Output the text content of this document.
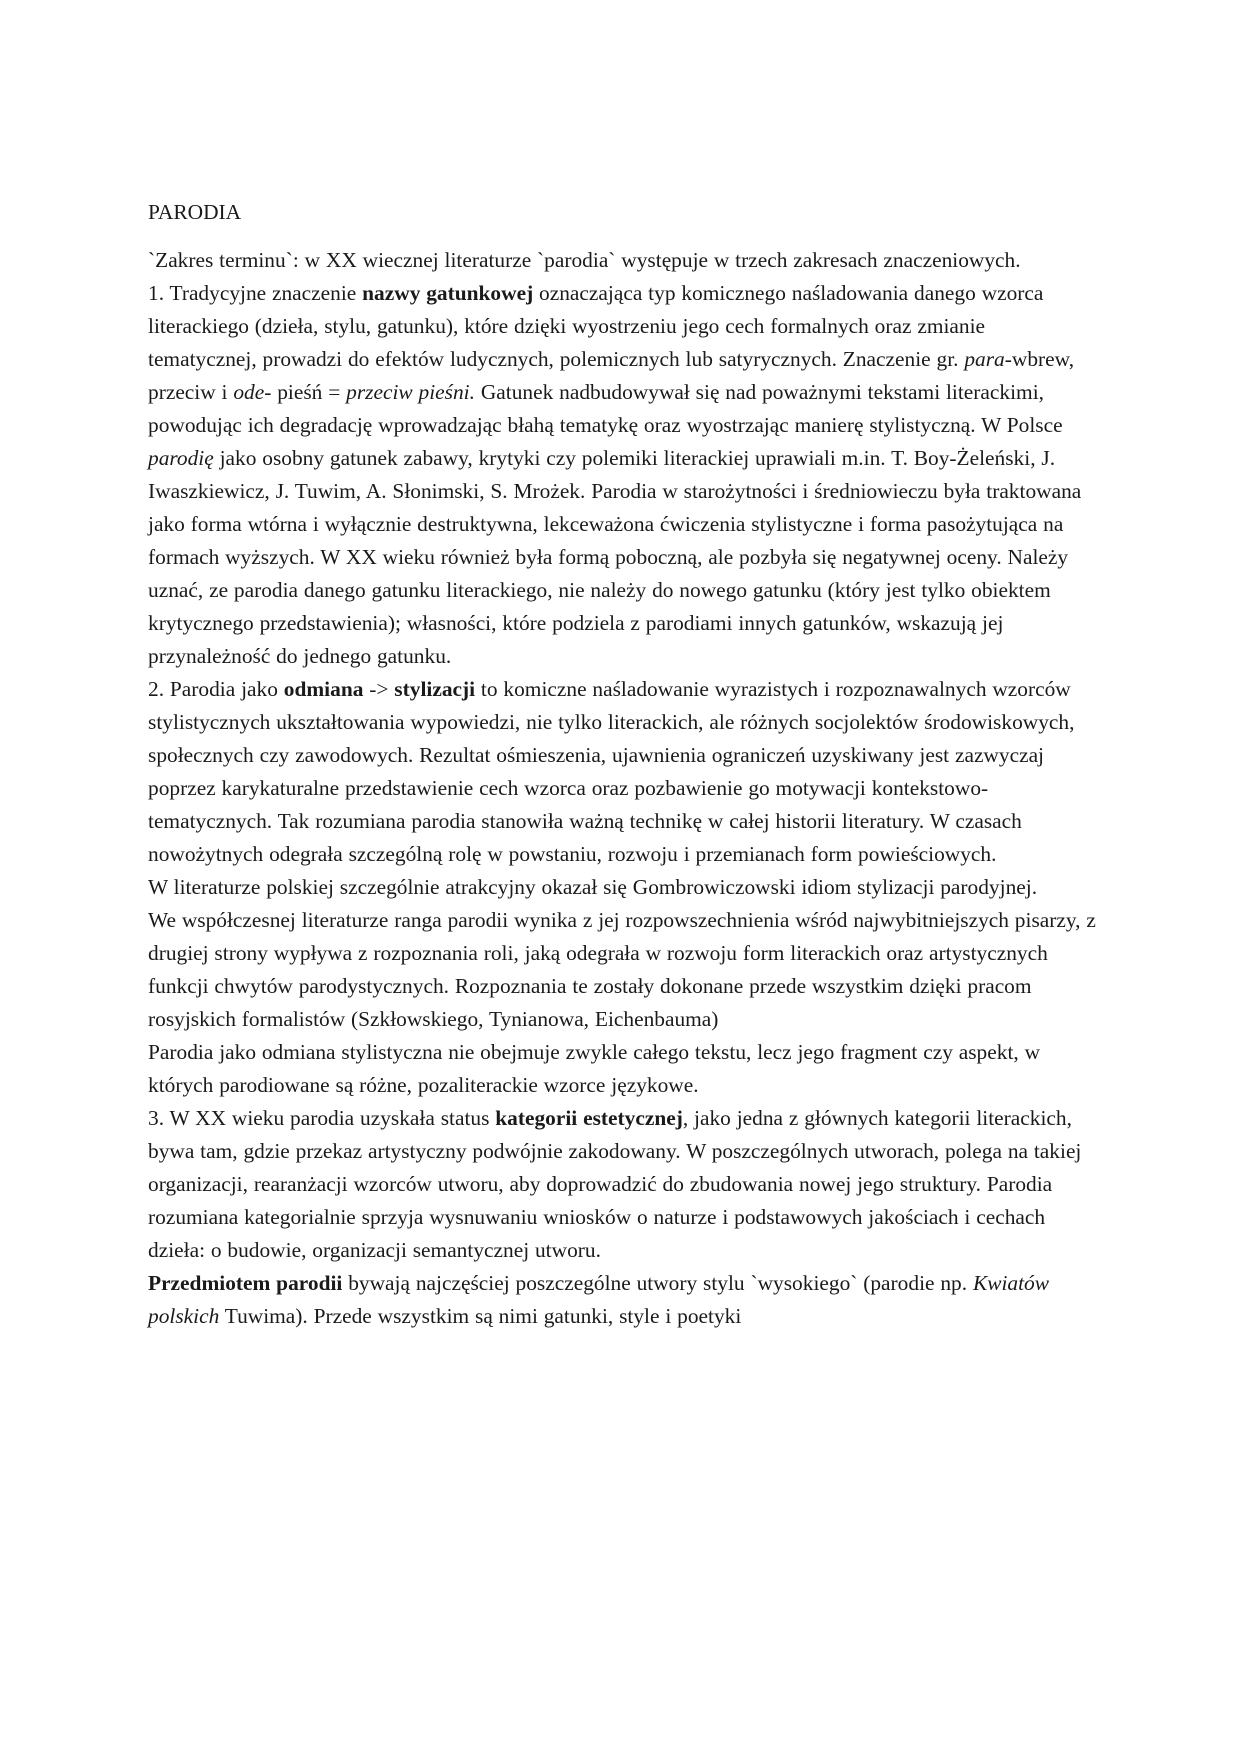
PARODIA

`Zakres terminu`: w XX wiecznej literaturze `parodia` występuje w trzech zakresach znaczeniowych.

1. Tradycyjne znaczenie nazwy gatunkowej oznaczająca typ komicznego naśladowania danego wzorca literackiego (dzieła, stylu, gatunku), które dzięki wyostrzeniu jego cech formalnych oraz zmianie tematycznej, prowadzi do efektów ludycznych, polemicznych lub satyrycznych. Znaczenie gr. para-wbrew, przeciw i ode- pieśń = przeciw pieśni. Gatunek nadbudowywał się nad poważnymi tekstami literackimi, powodując ich degradację wprowadzając błahą tematykę oraz wyostrzając manierę stylistyczną. W Polsce parodię jako osobny gatunek zabawy, krytyki czy polemiki literackiej uprawiali m.in. T. Boy-Żeleński, J. Iwaszkiewicz, J. Tuwim, A. Słonimski, S. Mrożek. Parodia w starożytności i średniowieczu była traktowana jako forma wtórna i wyłącznie destruktywna, lekceważona ćwiczenia stylistyczne i forma pasożytująca na formach wyższych. W XX wieku również była formą poboczną, ale pozbyła się negatywnej oceny. Należy uznać, ze parodia danego gatunku literackiego, nie należy do nowego gatunku (który jest tylko obiektem krytycznego przedstawienia); własności, które podziela z parodiami innych gatunków, wskazują jej przynależność do jednego gatunku.

2. Parodia jako odmiana -> stylizacji to komiczne naśladowanie wyrazistych i rozpoznawalnych wzorców stylistycznych ukształtowania wypowiedzi, nie tylko literackich, ale różnych socjolektów środowiskowych, społecznych czy zawodowych. Rezultat ośmieszenia, ujawnienia ograniczeń uzyskiwany jest zazwyczaj poprzez karykaturalne przedstawienie cech wzorca oraz pozbawienie go motywacji kontekstowo-tematycznych. Tak rozumiana parodia stanowiła ważną technikę w całej historii literatury. W czasach nowożytnych odegrała szczególną rolę w powstaniu, rozwoju i przemianach form powieściowych.

W literaturze polskiej szczególnie atrakcyjny okazał się Gombrowiczowski idiom stylizacji parodyjnej.

We współczesnej literaturze ranga parodii wynika z jej rozpowszechnienia wśród najwybitniejszych pisarzy, z drugiej strony wypływa z rozpoznania roli, jaką odegrała w rozwoju form literackich oraz artystycznych funkcji chwytów parodystycznych. Rozpoznania te zostały dokonane przede wszystkim dzięki pracom rosyjskich formalistów (Szkłowskiego, Tynianowa, Eichenbauma)

Parodia jako odmiana stylistyczna nie obejmuje zwykle całego tekstu, lecz jego fragment czy aspekt, w których parodiowane są różne, pozaliterackie wzorce językowe.

3. W XX wieku parodia uzyskała status kategorii estetycznej, jako jedna z głównych kategorii literackich, bywa tam, gdzie przekaz artystyczny podwójnie zakodowany. W poszczególnych utworach, polega na takiej organizacji, rearanżacji wzorców utworu, aby doprowadzić do zbudowania nowej jego struktury. Parodia rozumiana kategorialnie sprzyja wysnuwaniu wniosków o naturze i podstawowych jakościach i cechach dzieła: o budowie, organizacji semantycznej utworu.

Przedmiotem parodii bywają najczęściej poszczególne utwory stylu `wysokiego` (parodie np. Kwiatów polskich Tuwima). Przede wszystkim są nimi gatunki, style i poetyki
